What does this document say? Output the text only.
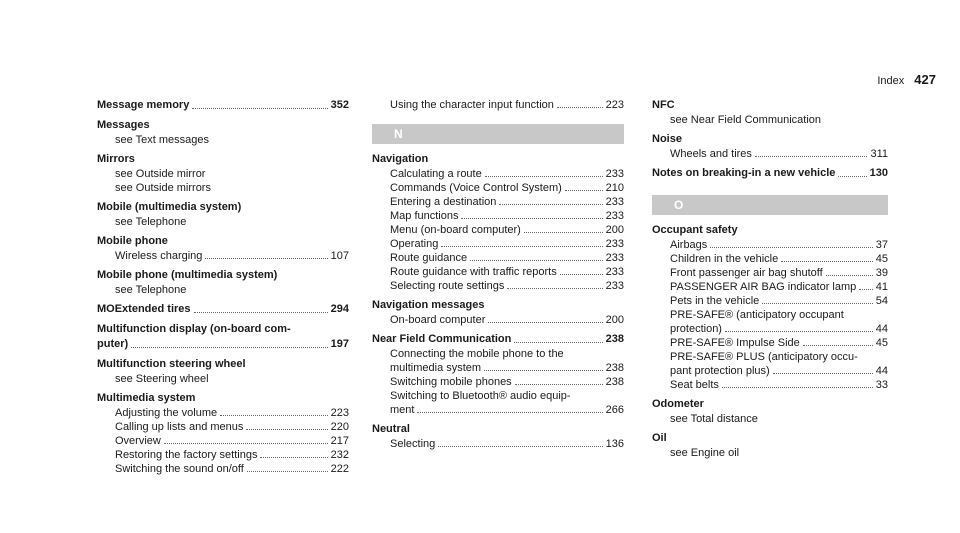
Index 427
Message memory	352
Messages
see Text messages
Mirrors
see Outside mirror
see Outside mirrors
Mobile (multimedia system)
see Telephone
Mobile phone
Wireless charging	107
Mobile phone (multimedia system)
see Telephone
MOExtended tires	294
Multifunction display (on-board com-
puter)	197
Multifunction steering wheel
see Steering wheel
Multimedia system
Adjusting the volume	223
Calling up lists and menus	220
Overview	217
Restoring the factory settings	232
Switching the sound on/off	222
Using the character input function	223
N
Navigation
Calculating a route	233
Commands (Voice Control System)	210
Entering a destination	233
Map functions	233
Menu (on-board computer)	200
Operating	233
Route guidance	233
Route guidance with traffic reports	233
Selecting route settings	233
Navigation messages
On-board computer	200
Near Field Communication	238
Connecting the mobile phone to the
multimedia system	238
Switching mobile phones	238
Switching to Bluetooth® audio equip-
ment	266
Neutral
Selecting	136
NFC
see Near Field Communication
Noise
Wheels and tires	311
Notes on breaking-in a new vehicle	130
O
Occupant safety
Airbags	37
Children in the vehicle	45
Front passenger air bag shutoff	39
PASSENGER AIR BAG indicator lamp 41
Pets in the vehicle	54
PRE-SAFE® (anticipatory occupant
protection)	44
PRE-SAFE® Impulse Side	45
PRE-SAFE® PLUS (anticipatory occu-
pant protection plus)	44
Seat belts	33
Odometer
see Total distance
Oil
see Engine oil
